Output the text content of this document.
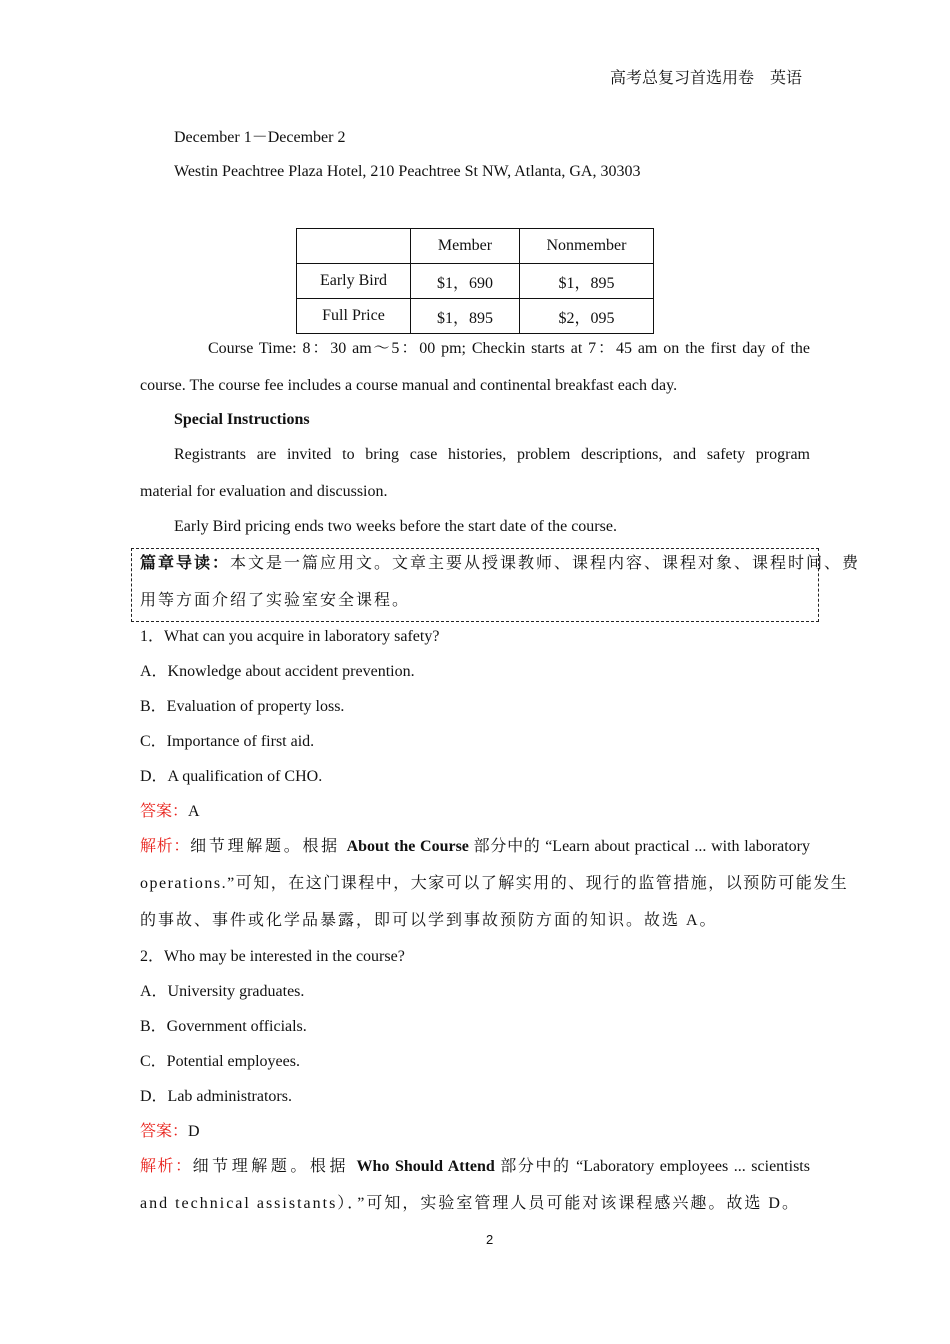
高考总复习首选用卷　英语
December 1－December 2
Westin Peachtree Plaza Hotel, 210 Peachtree St NW, Atlanta, GA, 30303
	Member	Nonmember
Early Bird	$1，690	$1，895
Full Price	$1，895	$2，095
Course Time: 8：30 am～5：00 pm; Checkin starts at 7：45 am on the first day of the
course. The course fee includes a course manual and continental breakfast each day.
Special Instructions
Registrants are invited to bring case histories, problem descriptions, and safety program
material for evaluation and discussion.
Early Bird pricing ends two weeks before the start date of the course.
篇章导读：本文是一篇应用文。文章主要从授课教师、课程内容、课程对象、课程时间、费
用等方面介绍了实验室安全课程。
1．What can you acquire in laboratory safety?
A．Knowledge about accident prevention.
B．Evaluation of property loss.
C．Importance of first aid.
D．A qualification of CHO.
答案：A
解析：细节理解题。根据 About the Course 部分中的 “Learn about practical ... with laboratory
operations.”可知，在这门课程中，大家可以了解实用的、现行的监管措施，以预防可能发生
的事故、事件或化学品暴露，即可以学到事故预防方面的知识。故选 A。
2．Who may be interested in the course?
A．University graduates.
B．Government officials.
C．Potential employees.
D．Lab administrators.
答案：D
解析：细节理解题。根据 Who Should Attend 部分中的 “Laboratory employees ... scientists
and technical assistants）．”可知，实验室管理人员可能对该课程感兴趣。故选 D。
2
